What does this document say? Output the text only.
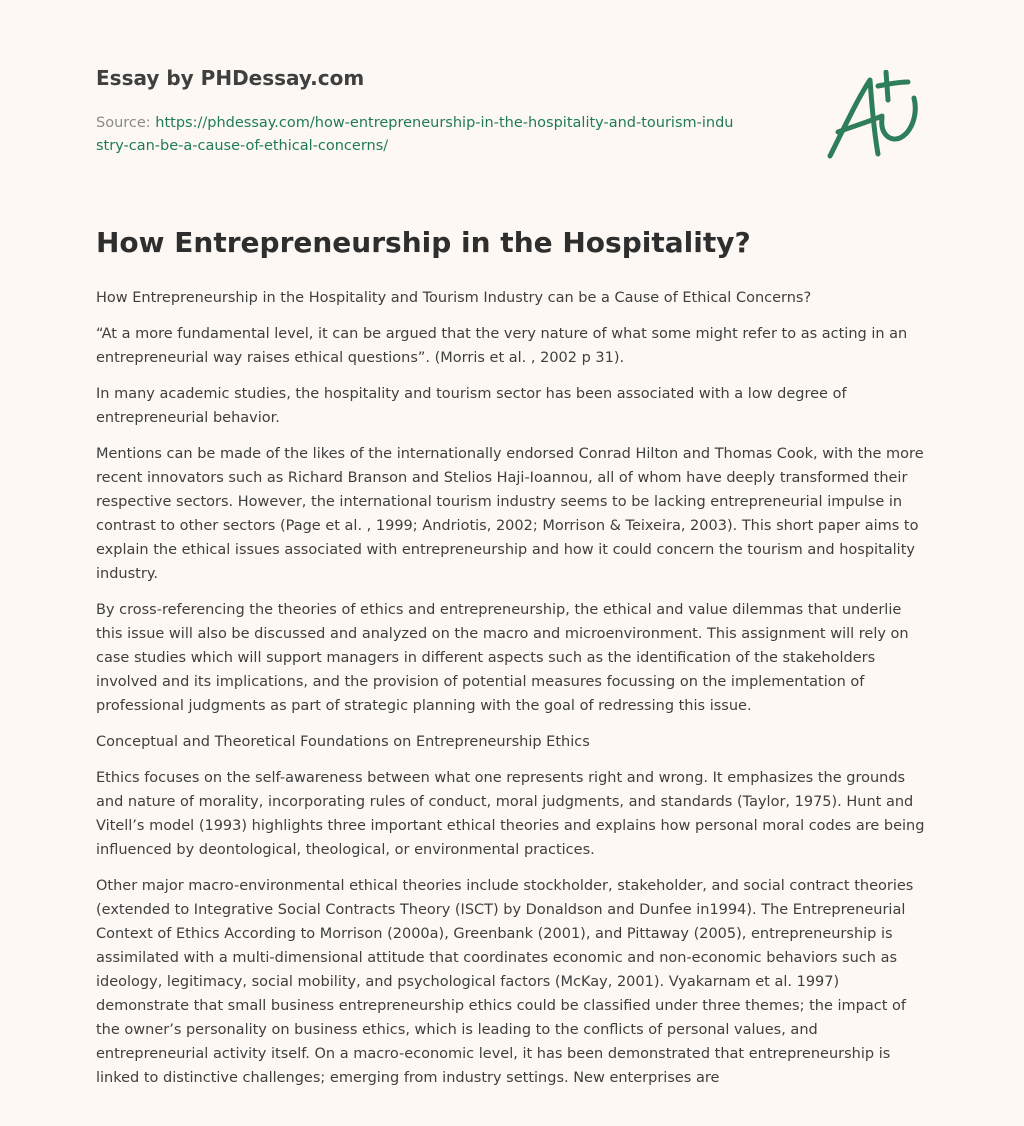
Essay by PHDessay.com
Source: https://phdessay.com/how-entrepreneurship-in-the-hospitality-and-tourism-industry-can-be-a-cause-of-ethical-concerns/
How Entrepreneurship in the Hospitality?

How Entrepreneurship in the Hospitality and Tourism Industry can be a Cause of Ethical Concerns?

“At a more fundamental level, it can be argued that the very nature of what some might refer to as acting in an entrepreneurial way raises ethical questions”. (Morris et al. , 2002 p 31).

In many academic studies, the hospitality and tourism sector has been associated with a low degree of entrepreneurial behavior.

Mentions can be made of the likes of the internationally endorsed Conrad Hilton and Thomas Cook, with the more recent innovators such as Richard Branson and Stelios Haji-Ioannou, all of whom have deeply transformed their respective sectors. However, the international tourism industry seems to be lacking entrepreneurial impulse in contrast to other sectors (Page et al. , 1999; Andriotis, 2002; Morrison & Teixeira, 2003). This short paper aims to explain the ethical issues associated with entrepreneurship and how it could concern the tourism and hospitality industry.

By cross-referencing the theories of ethics and entrepreneurship, the ethical and value dilemmas that underlie this issue will also be discussed and analyzed on the macro and microenvironment. This assignment will rely on case studies which will support managers in different aspects such as the identification of the stakeholders involved and its implications, and the provision of potential measures focussing on the implementation of professional judgments as part of strategic planning with the goal of redressing this issue.

Conceptual and Theoretical Foundations on Entrepreneurship Ethics

Ethics focuses on the self-awareness between what one represents right and wrong. It emphasizes the grounds and nature of morality, incorporating rules of conduct, moral judgments, and standards (Taylor, 1975). Hunt and Vitell’s model (1993) highlights three important ethical theories and explains how personal moral codes are being influenced by deontological, theological, or environmental practices.

Other major macro-environmental ethical theories include stockholder, stakeholder, and social contract theories (extended to Integrative Social Contracts Theory (ISCT) by Donaldson and Dunfee in1994). The Entrepreneurial Context of Ethics According to Morrison (2000a), Greenbank (2001), and Pittaway (2005), entrepreneurship is assimilated with a multi-dimensional attitude that coordinates economic and non-economic behaviors such as ideology, legitimacy, social mobility, and psychological factors (McKay, 2001). Vyakarnam et al. 1997) demonstrate that small business entrepreneurship ethics could be classified under three themes; the impact of the owner’s personality on business ethics, which is leading to the conflicts of personal values, and entrepreneurial activity itself. On a macro-economic level, it has been demonstrated that entrepreneurship is linked to distinctive challenges; emerging from industry settings. New enterprises are
